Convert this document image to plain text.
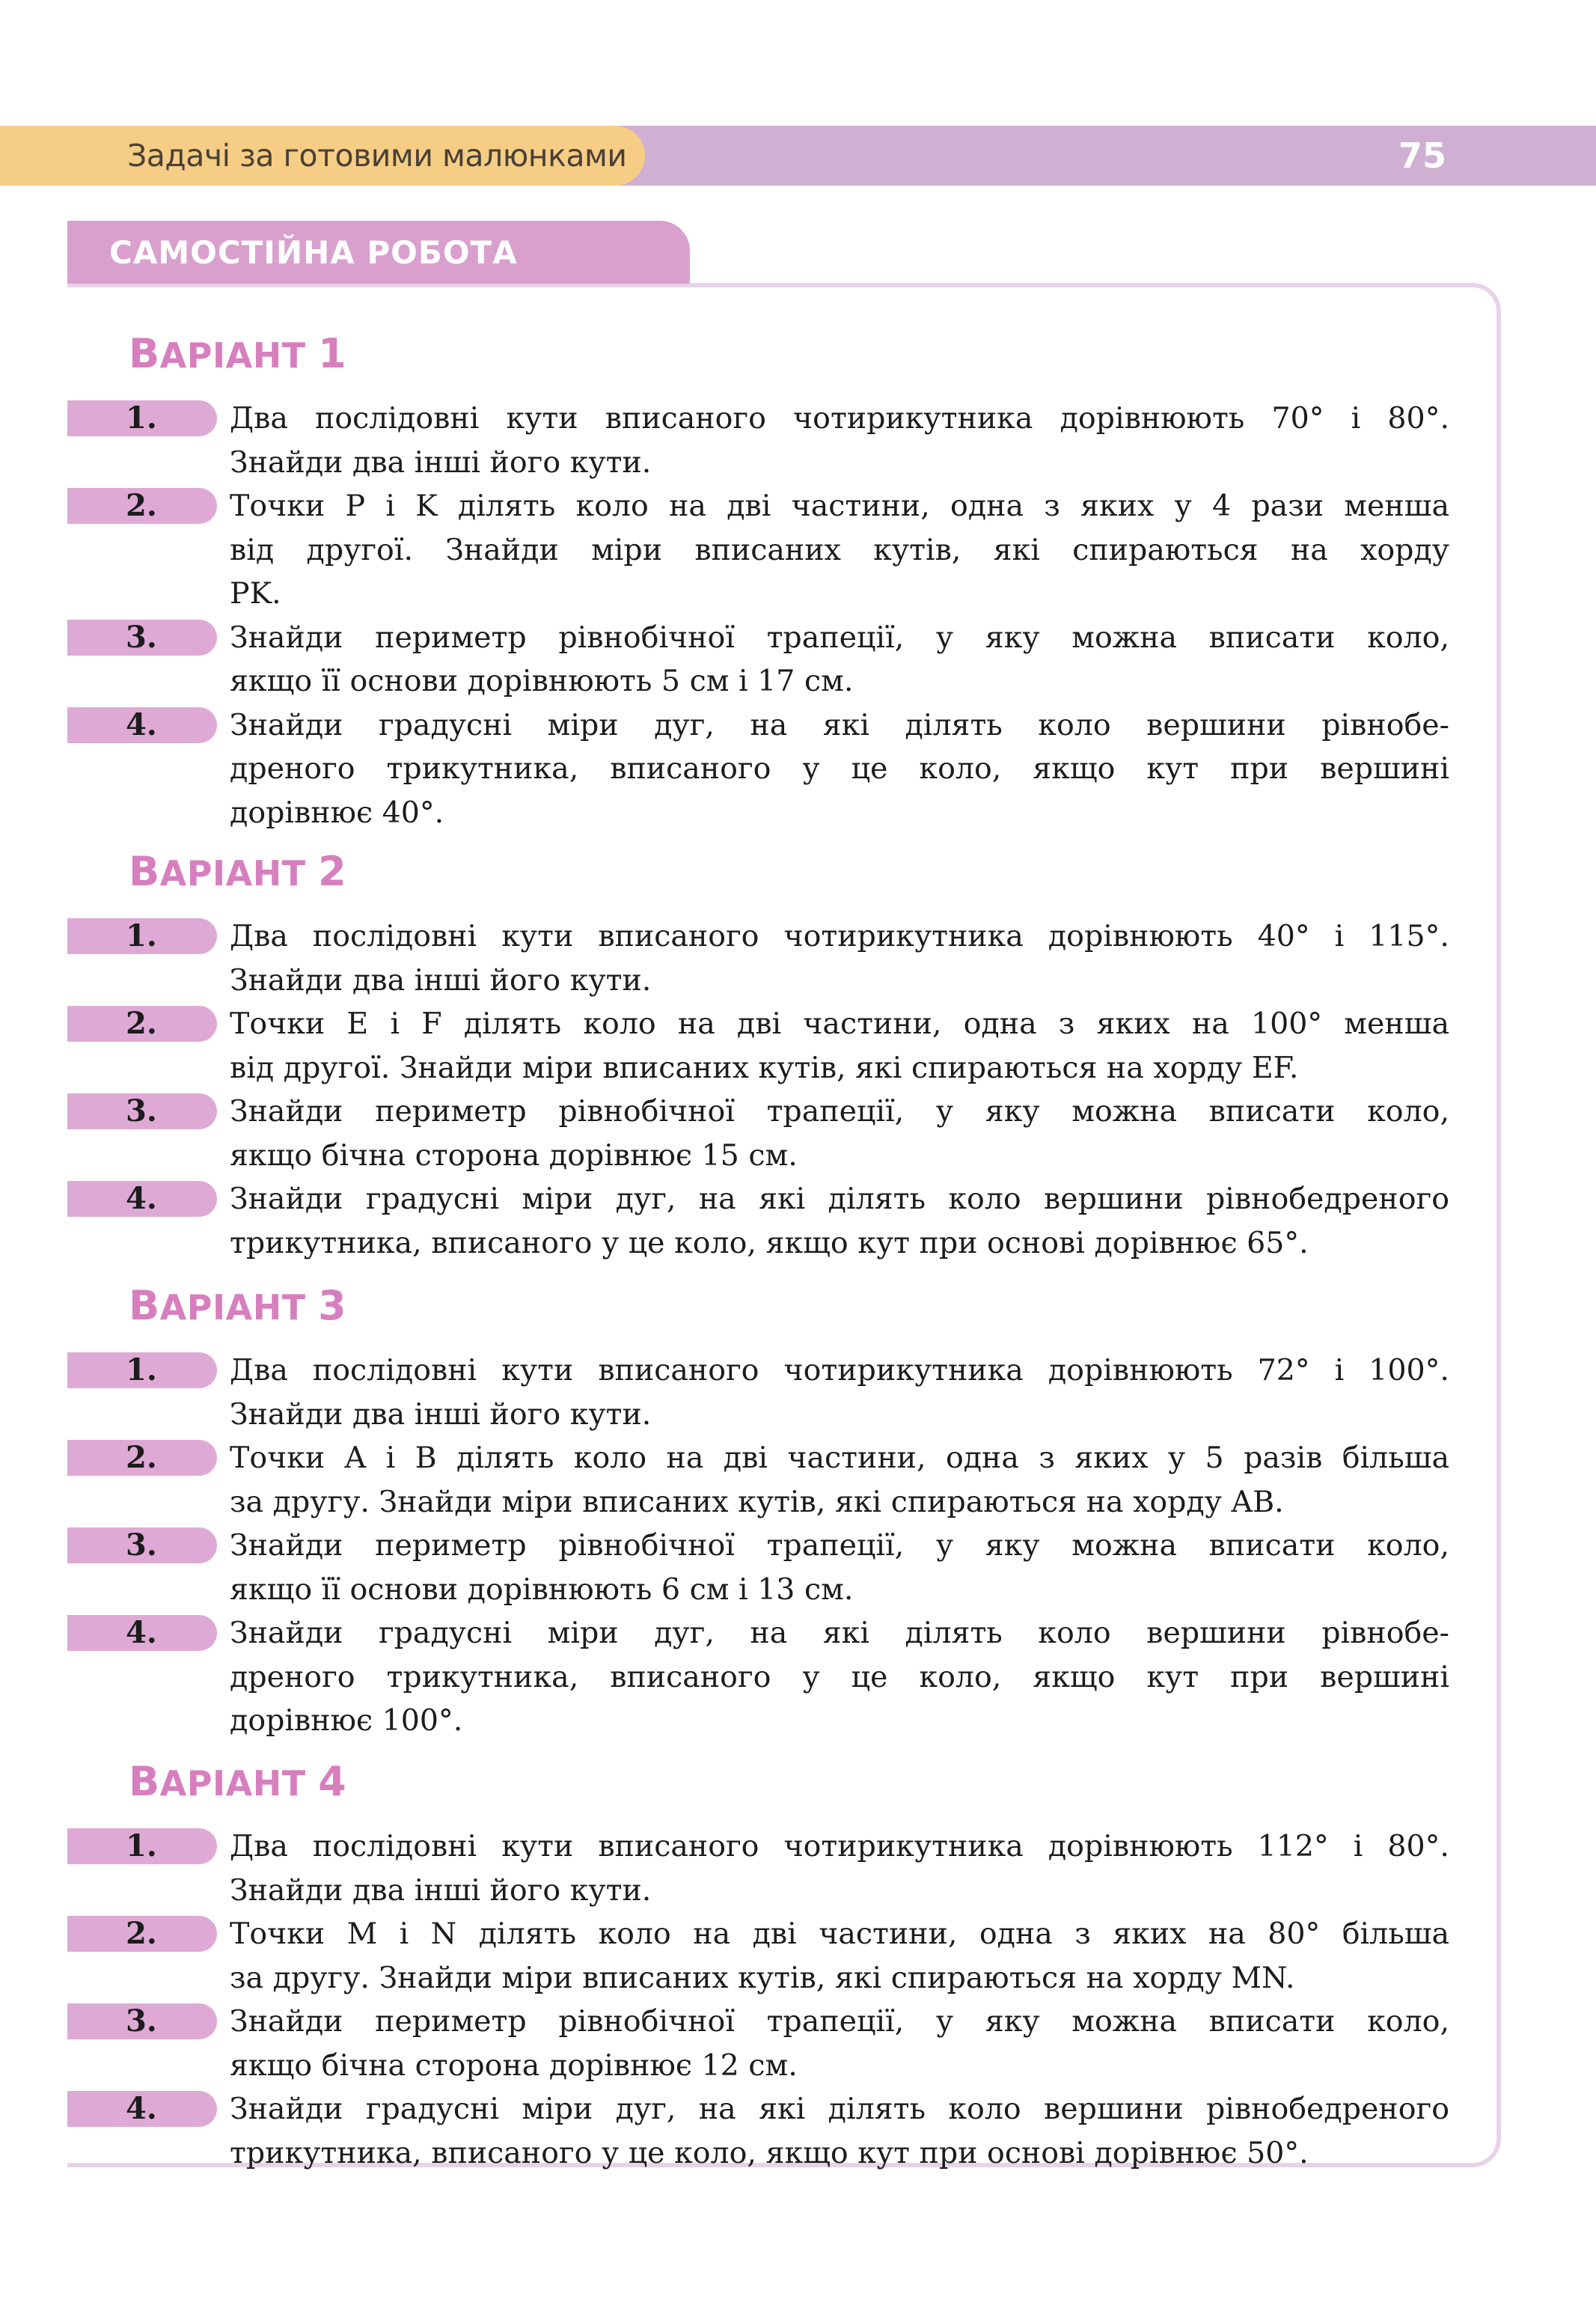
Задачі за готовими малюнками	75
САМОСТІЙНА РОБОТА
ВАРІАНТ 1
1.	Два послідовні кути вписаного чотирикутника дорівнюють 70° і 80°.
Знайди два інші його кути.
2.	Точки P і K ділять коло на дві частини, одна з яких у 4 рази менша
від другої. Знайди міри вписаних кутів, які спираються на хорду
PK.
3.	Знайди периметр рівнобічної трапеції, у яку можна вписати коло,
якщо її основи дорівнюють 5 см і 17 см.
4.	Знайди градусні міри дуг, на які ділять коло вершини рівнобе-
дреного трикутника, вписаного у це коло, якщо кут при вершині
дорівнює 40°.
ВАРІАНТ 2
1.	Два послідовні кути вписаного чотирикутника дорівнюють 40° і 115°.
Знайди два інші його кути.
2.	Точки E і F ділять коло на дві частини, одна з яких на 100° менша
від другої. Знайди міри вписаних кутів, які спираються на хорду EF.
3.	Знайди периметр рівнобічної трапеції, у яку можна вписати коло,
якщо бічна сторона дорівнює 15 см.
4.	Знайди градусні міри дуг, на які ділять коло вершини рівнобедреного
трикутника, вписаного у це коло, якщо кут при основі дорівнює 65°.
ВАРІАНТ 3
1.	Два послідовні кути вписаного чотирикутника дорівнюють 72° і 100°.
Знайди два інші його кути.
2.	Точки A і B ділять коло на дві частини, одна з яких у 5 разів більша
за другу. Знайди міри вписаних кутів, які спираються на хорду AB.
3.	Знайди периметр рівнобічної трапеції, у яку можна вписати коло,
якщо її основи дорівнюють 6 см і 13 см.
4.	Знайди градусні міри дуг, на які ділять коло вершини рівнобе-
дреного трикутника, вписаного у це коло, якщо кут при вершині
дорівнює 100°.
ВАРІАНТ 4
1.	Два послідовні кути вписаного чотирикутника дорівнюють 112° і 80°.
Знайди два інші його кути.
2.	Точки M і N ділять коло на дві частини, одна з яких на 80° більша
за другу. Знайди міри вписаних кутів, які спираються на хорду MN.
3.	Знайди периметр рівнобічної трапеції, у яку можна вписати коло,
якщо бічна сторона дорівнює 12 см.
4.	Знайди градусні міри дуг, на які ділять коло вершини рівнобедреного
трикутника, вписаного у це коло, якщо кут при основі дорівнює 50°.
